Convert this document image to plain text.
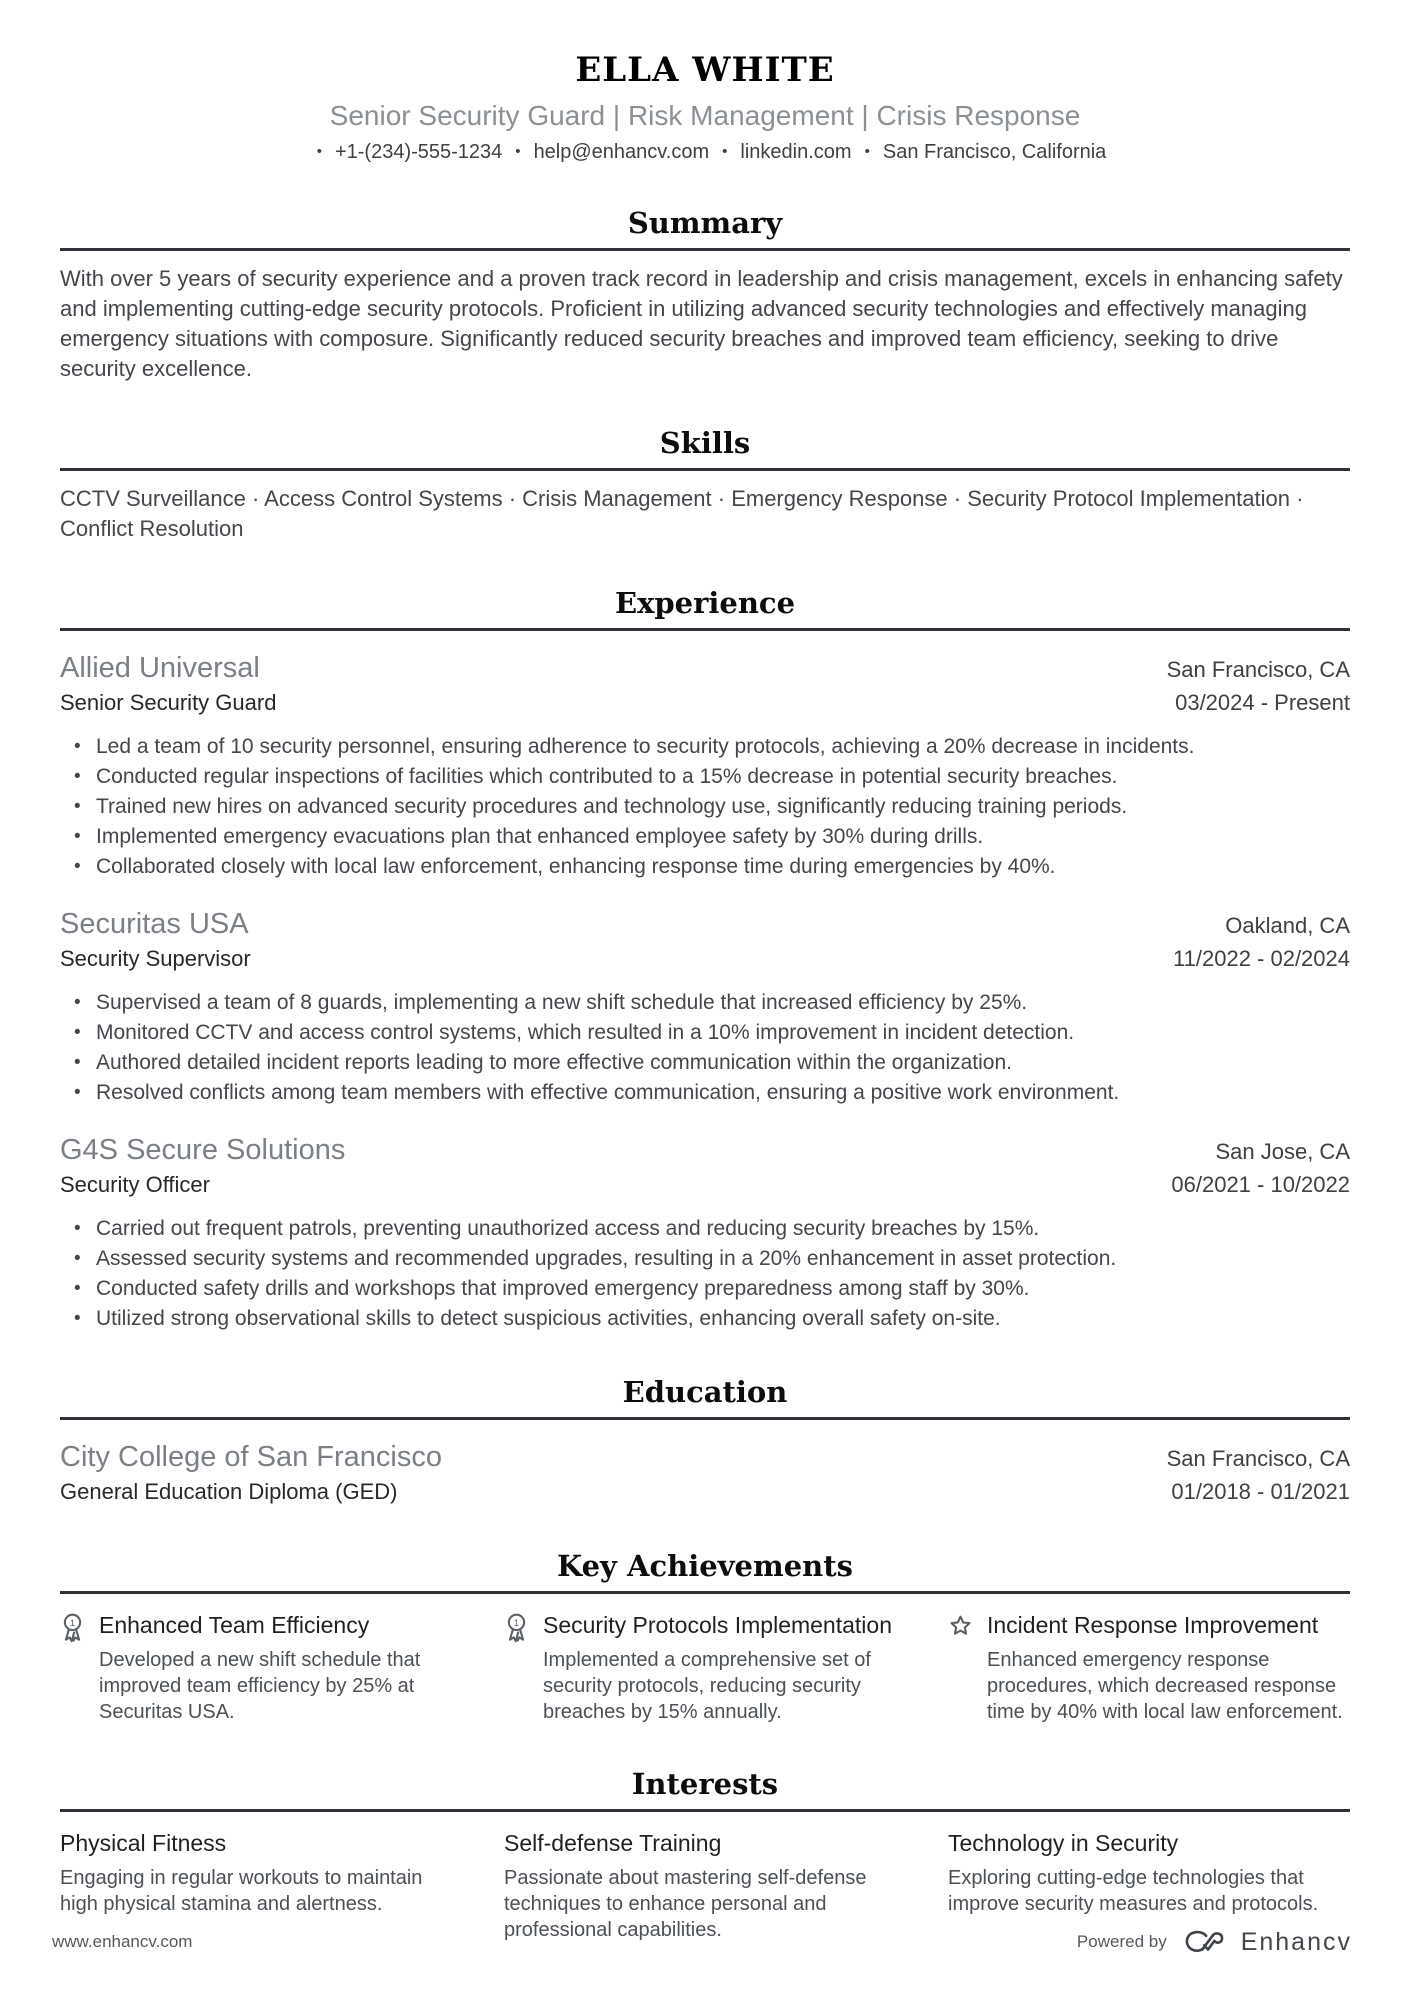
ELLA WHITE
Senior Security Guard | Risk Management | Crisis Response
• +1-(234)-555-1234	• help@enhancv.com	• linkedin.com	• San Francisco, California
Summary

With over 5 years of security experience and a proven track record in leadership and crisis management, excels in enhancing safety and implementing cutting-edge security protocols. Proficient in utilizing advanced security technologies and effectively managing emergency situations with composure. Significantly reduced security breaches and improved team efficiency, seeking to drive security excellence.

Skills

CCTV Surveillance · Access Control Systems · Crisis Management · Emergency Response · Security Protocol Implementation · Conflict Resolution

Experience
Allied Universal	San Francisco, CA
Senior Security Guard	03/2024 - Present
• Led a team of 10 security personnel, ensuring adherence to security protocols, achieving a 20% decrease in incidents.
• Conducted regular inspections of facilities which contributed to a 15% decrease in potential security breaches.
• Trained new hires on advanced security procedures and technology use, significantly reducing training periods.
• Implemented emergency evacuations plan that enhanced employee safety by 30% during drills.
• Collaborated closely with local law enforcement, enhancing response time during emergencies by 40%.
Securitas USA	Oakland, CA
Security Supervisor	11/2022 - 02/2024
• Supervised a team of 8 guards, implementing a new shift schedule that increased efficiency by 25%.
• Monitored CCTV and access control systems, which resulted in a 10% improvement in incident detection.
• Authored detailed incident reports leading to more effective communication within the organization.
• Resolved conflicts among team members with effective communication, ensuring a positive work environment.
G4S Secure Solutions	San Jose, CA
Security Officer	06/2021 - 10/2022
• Carried out frequent patrols, preventing unauthorized access and reducing security breaches by 15%.
• Assessed security systems and recommended upgrades, resulting in a 20% enhancement in asset protection.
• Conducted safety drills and workshops that improved emergency preparedness among staff by 30%.
• Utilized strong observational skills to detect suspicious activities, enhancing overall safety on-site.
Education
City College of San Francisco	San Francisco, CA
General Education Diploma (GED)	01/2018 - 01/2021
Key Achievements
Enhanced Team Efficiency
Developed a new shift schedule that improved team efficiency by 25% at Securitas USA.
Security Protocols Implementation
Implemented a comprehensive set of security protocols, reducing security breaches by 15% annually.
Incident Response Improvement
Enhanced emergency response procedures, which decreased response time by 40% with local law enforcement.
Interests
Physical Fitness
Engaging in regular workouts to maintain high physical stamina and alertness.
Self-defense Training
Passionate about mastering self-defense techniques to enhance personal and professional capabilities.
Technology in Security
Exploring cutting-edge technologies that improve security measures and protocols.
www.enhancv.com	Powered by	Enhancv
